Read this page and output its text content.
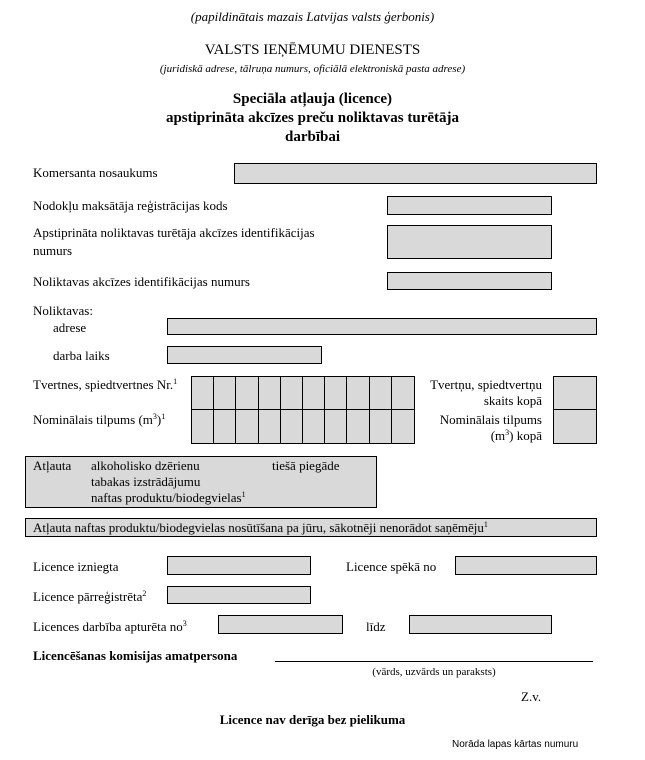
(papildinātais mazais Latvijas valsts ģerbonis)
VALSTS IEŅĒMUMU DIENESTS
(juridiskā adrese, tālruņa numurs, oficiālā elektroniskā pasta adrese)
Speciāla atļauja (licence)
apstiprināta akcīzes preču noliktavas turētāja
darbībai
Komersanta nosaukums
Nodokļu maksātāja reģistrācijas kods
Apstiprināta noliktavas turētāja akcīzes identifikācijas
numurs
Noliktavas akcīzes identifikācijas numurs
Noliktavas:
adrese
darba laiks
Tvertnes, spiedtvertnes Nr.$^1$
Nominālais tilpums $(m^3)^1$
Tvertņu, spiedtvertņu
skaits kopā
Nominālais tilpums
$(m^3)$ kopā
Atļauta alkoholisko dzērienu	tiešā piegāde
tabakas izstrādājumu
naftas produktu/biodegvielas$^1$
Atļauta naftas produktu/biodegvielas nosūtīšana pa jūru, sākotnēji nenorādot saņēmēju$^1$
Licence izniegta	Licence spēkā no
Licence pārreģistrēta$^2$
Licences darbība apturēta $no^3$	līdz
Licencēšanas komisijas amatpersona
(vārds, uzvārds un paraksts)
Z.v.
Licence nav derīga bez pielikuma
Norāda lapas kārtas numuru
